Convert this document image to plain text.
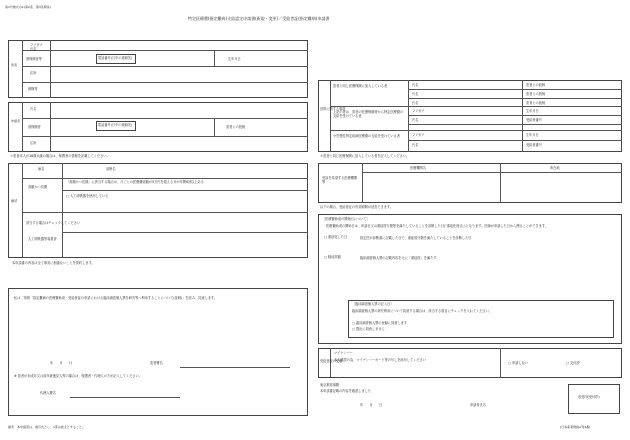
第1号様式の1(第2条、第3条関係)
特定医療費(指定難病)支給認定申請書(新規・変更)／受給者証(指定難病)申請書
患者
フリガナ
氏名
被保険者等	電話番号(日中の連絡先)	生年月日
住所
保険等
申請者
氏名
被保険者	電話番号(日中の連絡先)	患者との続柄
住所
＊患者本人が18歳未満の場合は、保護者の情報を記載してください。
病名	診断名
病状
高額かつ長期
「高額かつ長期」に該当する場合は、月ごとの医療費総額が5万円を超える月が年間6回以上ある
□ 人工呼吸器を使用している
該当する場合はチェックしてください
人工呼吸器等装着者
本申請書の内容は全て事実に相違ないことを誓約します。
私は、別紙「指定難病の医療費助成・受給者証の申請における臨床調査個人票を研究等へ利用することについて(説明)」を読み、同意します。
年　　月　　日	患者署名
※ 患者が未成年又は成年被後見人等の場合は、保護者・代理人の方が記入してください。
代理人署名
世帯に関する事項
患者と同じ医療保険に加入している者
上記の者は、患者の医療保険者から特定医療費の支給を受けている者
小児慢性特定疾病医療費の支給を受けている者
氏名	患者との続柄
氏名	患者との続柄
氏名	患者との続柄
フリガナ	生年月日
氏名	受給者番号
フリガナ	生年月日
氏名	受給者番号
＊患者と同じ医療保険に加入している者を記入してください。
受診を希望する医療機関等
医療機関名	所在地
以下の場合、受給者証の有効期間が延長できます。
［医療費助成の開始日について］
医療費助成の開始日は、申請日又は重症度分類等を満たしていることを診断した日(「重症化時点」)となります。医師が申請した日から遡ることができます。
□ 重症化した日	指定医が診断書に記載した日で、重症度分類を満たしていることを診断した日
□ 軽症高額	臨床調査個人票の記載内容を元に「重症度」を満たす
［臨床調査個人票の記入日］
臨床調査個人票の研究利用について同意する場合は、該当する項目にチェックを入れてください。
□ 臨床調査個人票の登録に同意します
□ 提出に同意しません
受給者証の受領
マイナンバー
本人確認の為、マイナンバーカード等の写しを添付してください
□ 申請しない	□ 交付済
東京都知事殿
本申請書記載の内容を確認しました
年　　月　　日	申請者氏名
収受印(受付印)
備考　本申請書は、複写式とし、1部は控えとすること。	(日本産業規格A列4番)
